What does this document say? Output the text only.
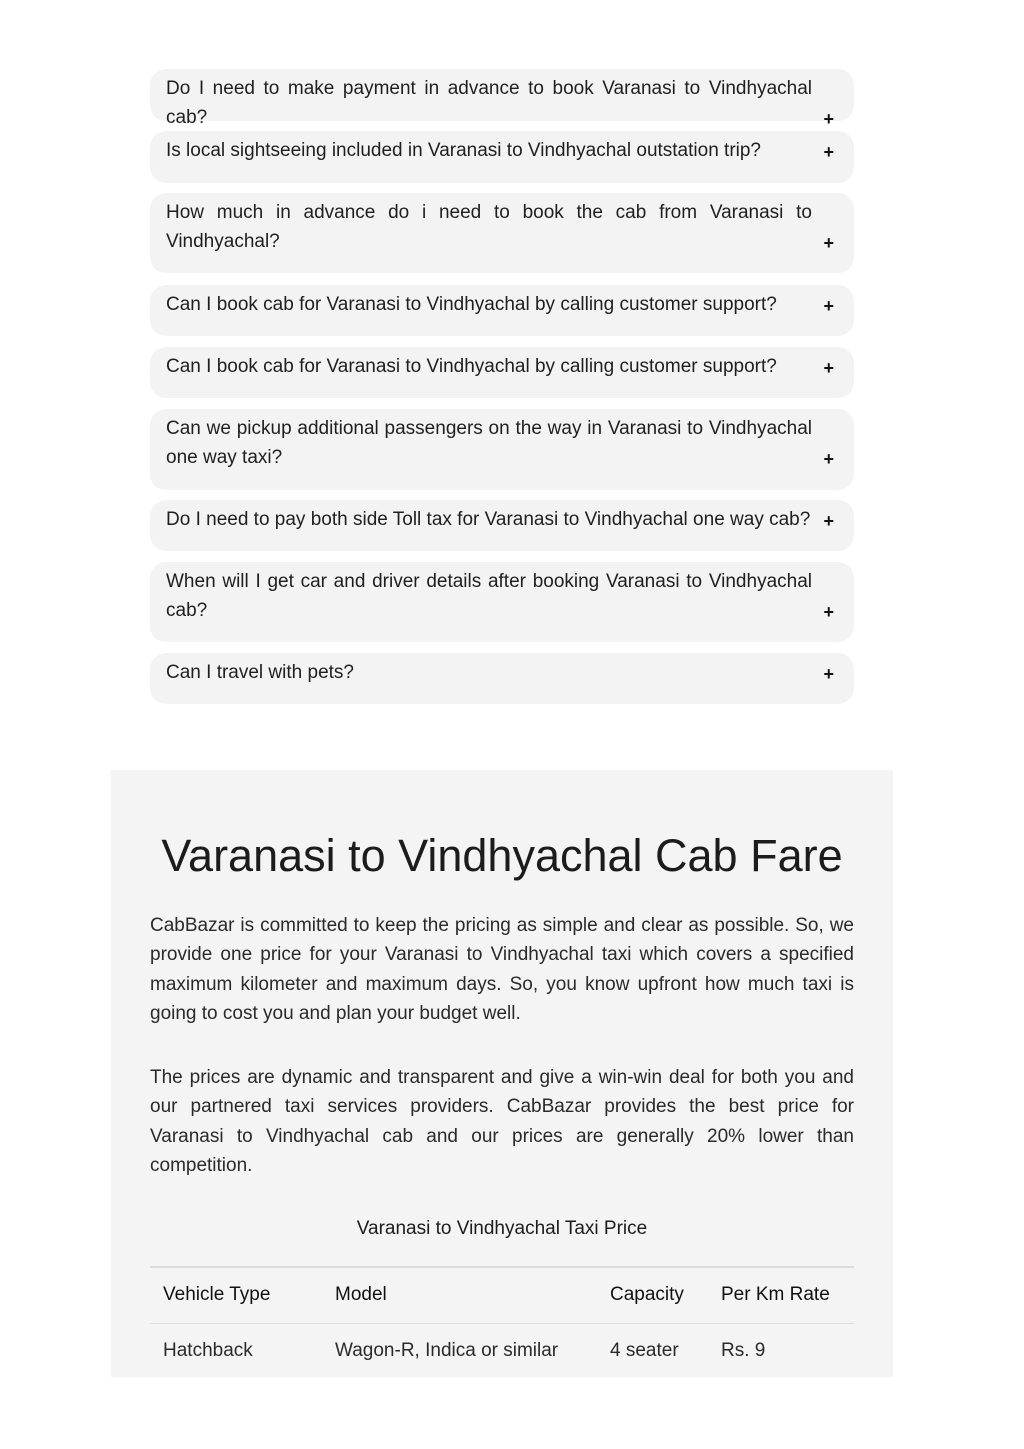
Do I need to make payment in advance to book Varanasi to Vindhyachal cab?	+
Is local sightseeing included in Varanasi to Vindhyachal outstation trip?	+
How much in advance do i need to book the cab from Varanasi to Vindhyachal?	+
Can I book cab for Varanasi to Vindhyachal by calling customer support?	+
Can I book cab for Varanasi to Vindhyachal by calling customer support?	+
Can we pickup additional passengers on the way in Varanasi to Vindhyachal one way taxi?	+
Do I need to pay both side Toll tax for Varanasi to Vindhyachal one way cab? +
When will I get car and driver details after booking Varanasi to Vindhyachal cab?	+
Can I travel with pets?	+
Varanasi to Vindhyachal Cab Fare

CabBazar is committed to keep the pricing as simple and clear as possible. So, we provide one price for your Varanasi to Vindhyachal taxi which covers a specified maximum kilometer and maximum days. So, you know upfront how much taxi is going to cost you and plan your budget well.

The prices are dynamic and transparent and give a win-win deal for both you and our partnered taxi services providers. CabBazar provides the best price for Varanasi to Vindhyachal cab and our prices are generally 20% lower than competition.

Varanasi to Vindhyachal Taxi Price
Vehicle Type	Model	Capacity	Per Km Rate
Hatchback	Wagon-R, Indica or similar	4 seater	Rs. 9
